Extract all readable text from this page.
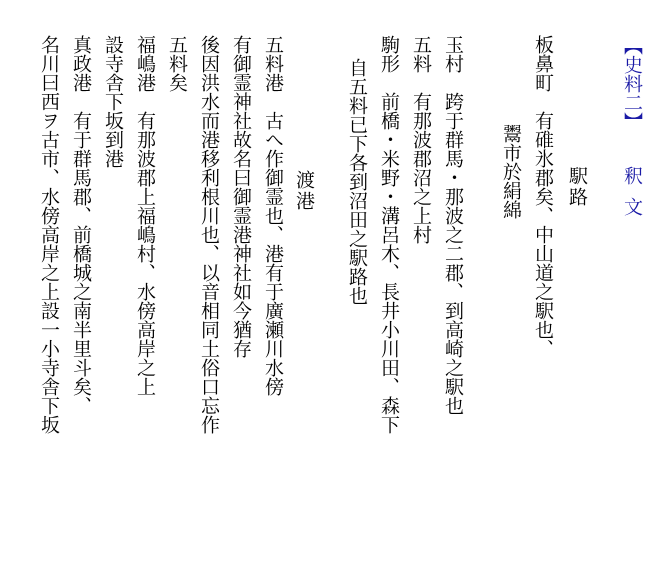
【史料二】
釈文
駅路
板鼻町　有碓氷郡矣、中山道之駅也、
鬻市於絹綿
玉村　跨于群馬・那波之二郡、到高崎之駅也
五料　有那波郡沼之上村
駒形　前橋・米野・溝呂木、長井小川田、森下
自五料已下各到沼田之駅路也
渡港
五料港　古へ作御霊也、港有于廣瀬川水傍
有御霊神社故名曰御霊港神社如今猶存
後因洪水而港移利根川也、以音相同土俗口忘作
五料矣
福嶋港　有那波郡上福嶋村、水傍高岸之上
設寺舎下坂到港
真政港　有于群馬郡、前橋城之南半里斗矣、
名川曰西ヲ古市、水傍高岸之上設一小寺舎下坂
